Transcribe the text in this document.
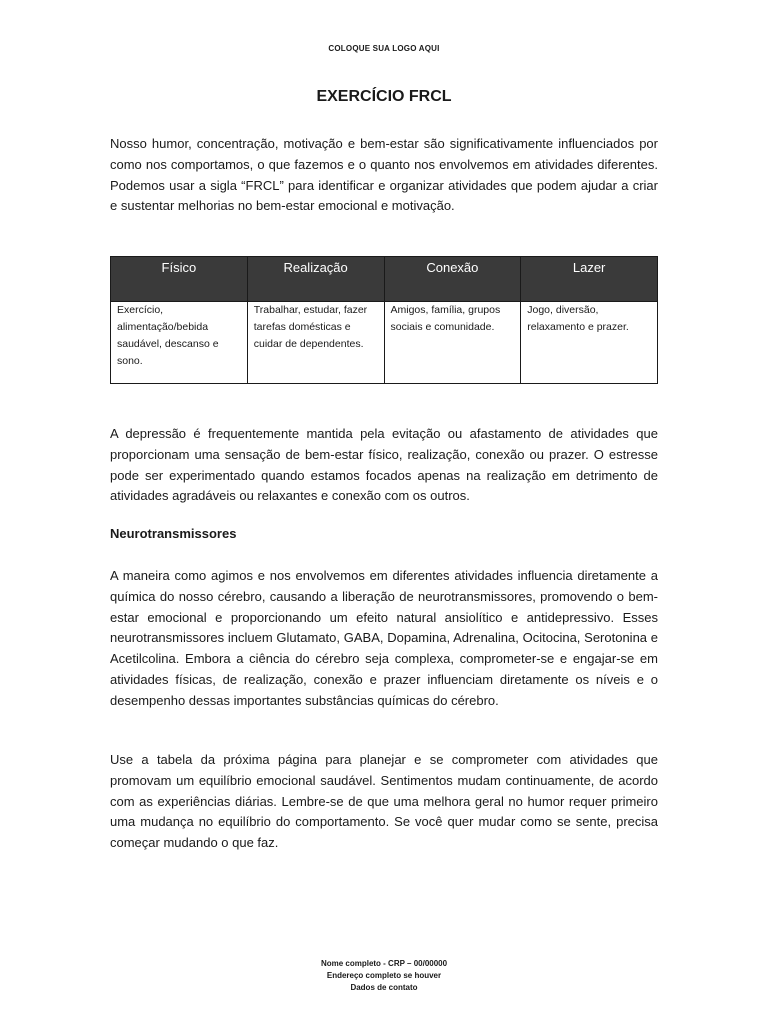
COLOQUE SUA LOGO AQUI
EXERCÍCIO FRCL

Nosso humor, concentração, motivação e bem-estar são significativamente influenciados por como nos comportamos, o que fazemos e o quanto nos envolvemos em atividades diferentes. Podemos usar a sigla “FRCL” para identificar e organizar atividades que podem ajudar a criar e sustentar melhorias no bem-estar emocional e motivação.

Físico	Realização	Conexão	Lazer
Exercício, alimentação/bebida saudável, descanso e sono.	Trabalhar, estudar, fazer tarefas domésticas e cuidar de dependentes.	Amigos, família, grupos sociais e comunidade.	Jogo, diversão, relaxamento e prazer.

A depressão é frequentemente mantida pela evitação ou afastamento de atividades que proporcionam uma sensação de bem-estar físico, realização, conexão ou prazer. O estresse pode ser experimentado quando estamos focados apenas na realização em detrimento de atividades agradáveis ou relaxantes e conexão com os outros.

Neurotransmissores

A maneira como agimos e nos envolvemos em diferentes atividades influencia diretamente a química do nosso cérebro, causando a liberação de neurotransmissores, promovendo o bem-estar emocional e proporcionando um efeito natural ansiolítico e antidepressivo. Esses neurotransmissores incluem Glutamato, GABA, Dopamina, Adrenalina, Ocitocina, Serotonina e Acetilcolina. Embora a ciência do cérebro seja complexa, comprometer-se e engajar-se em atividades físicas, de realização, conexão e prazer influenciam diretamente os níveis e o desempenho dessas importantes substâncias químicas do cérebro.

Use a tabela da próxima página para planejar e se comprometer com atividades que promovam um equilíbrio emocional saudável. Sentimentos mudam continuamente, de acordo com as experiências diárias. Lembre-se de que uma melhora geral no humor requer primeiro uma mudança no equilíbrio do comportamento. Se você quer mudar como se sente, precisa começar mudando o que faz.

Nome completo - CRP – 00/00000
Endereço completo se houver
Dados de contato
